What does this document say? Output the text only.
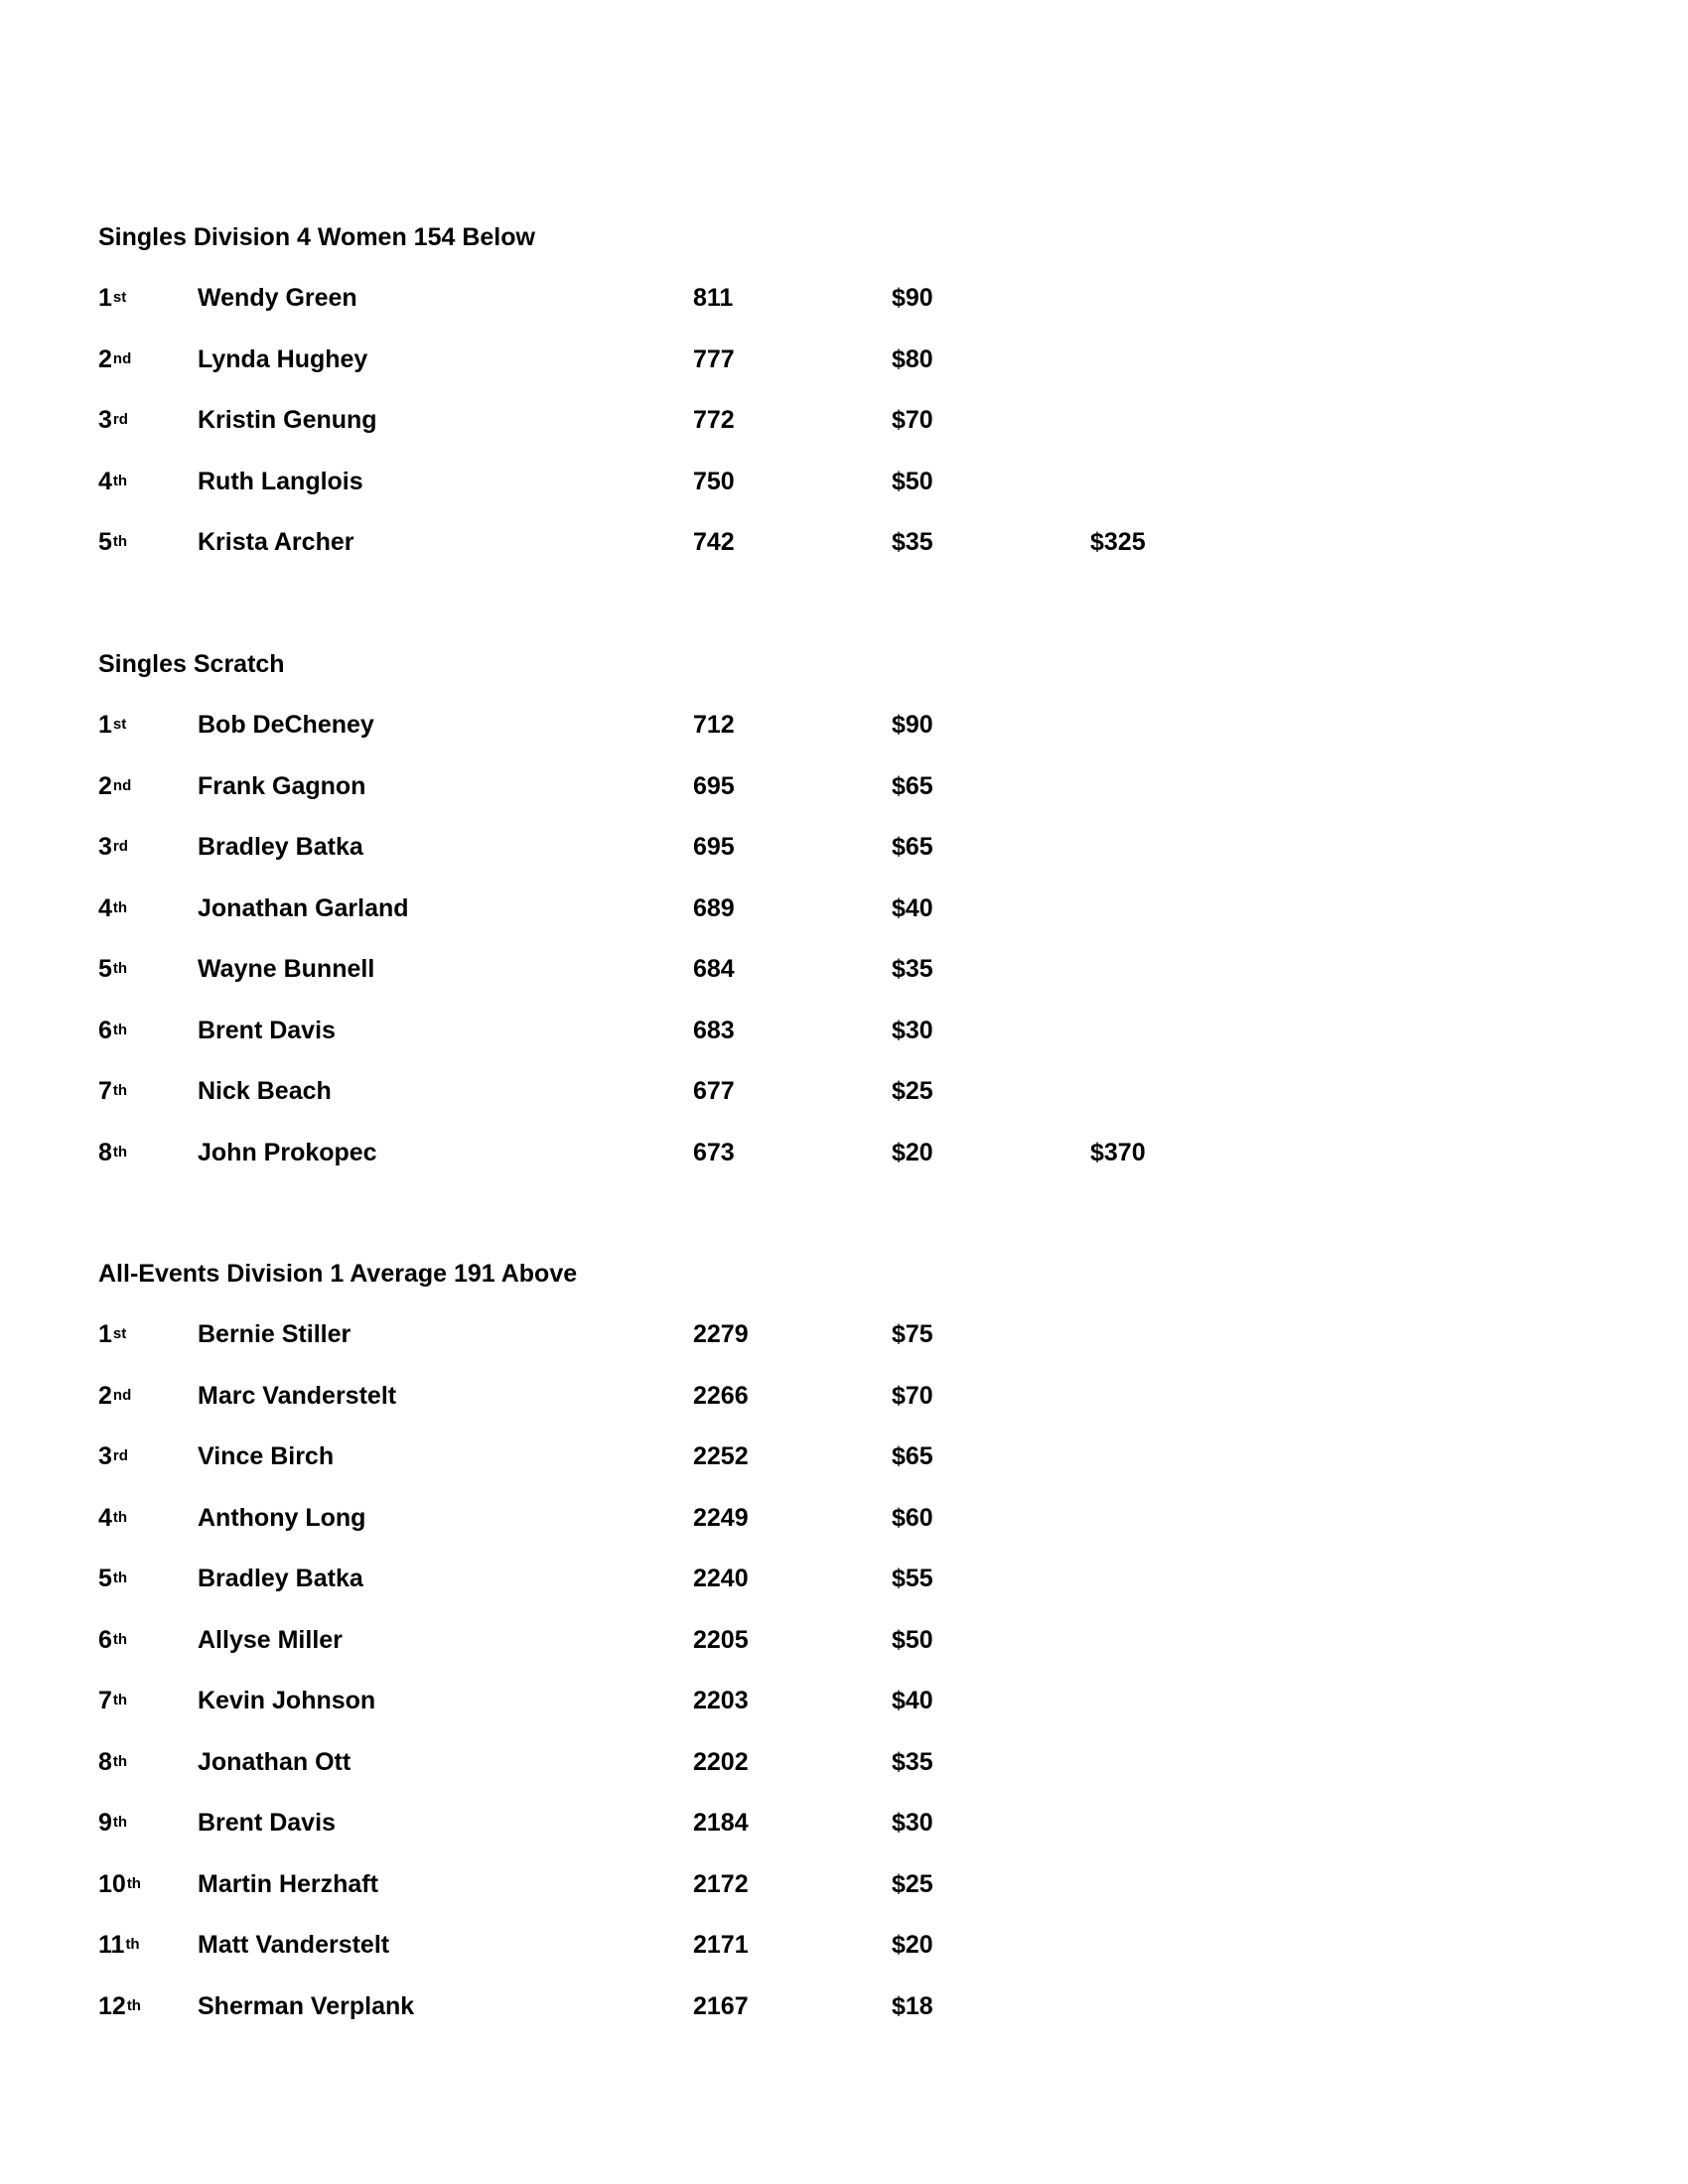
Singles Division 4 Women 154 Below
1 st	Wendy Green	811	$90
2 nd	Lynda Hughey	777	$80
3 rd	Kristin Genung	772	$70
4 th	Ruth Langlois	750	$50
5 th	Krista Archer	742	$35	$325
Singles Scratch
1 st	Bob DeCheney	712	$90
2 nd	Frank Gagnon	695	$65
3 rd	Bradley Batka	695	$65
4 th	Jonathan Garland	689	$40
5 th	Wayne Bunnell	684	$35
6 th	Brent Davis	683	$30
7 th	Nick Beach	677	$25
8 th	John Prokopec	673	$20	$370
All-Events Division 1 Average 191 Above
1 st	Bernie Stiller	2279	$75
2 nd	Marc Vanderstelt	2266	$70
3 rd	Vince Birch	2252	$65
4 th	Anthony Long	2249	$60
5 th	Bradley Batka	2240	$55
6 th	Allyse Miller	2205	$50
7 th	Kevin Johnson	2203	$40
8 th	Jonathan Ott	2202	$35
9 th	Brent Davis	2184	$30
10 th Martin Herzhaft	2172	$25
11 th Matt Vanderstelt	2171	$20
12 th Sherman Verplank	2167	$18
